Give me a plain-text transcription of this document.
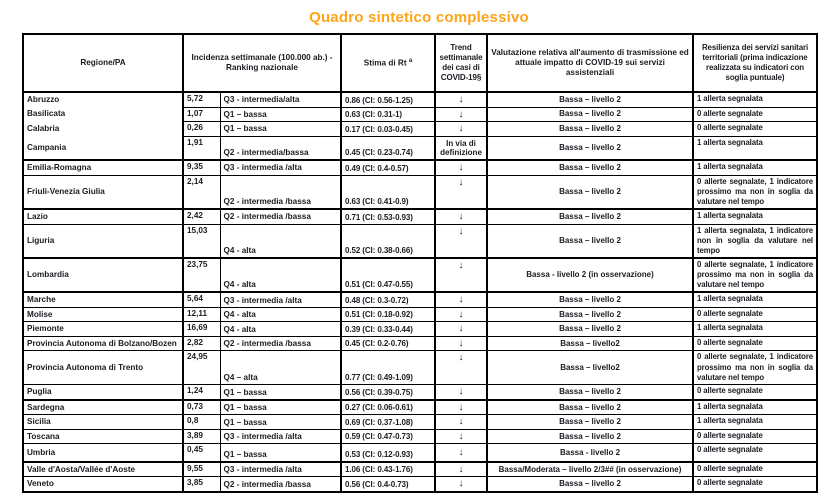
Quadro sintetico complessivo
Regione/PA	Incidenza settimanale (100.000 ab.) - Ranking nazionale		Stima di Rt $^a$	Trend settimanale dei casi di COVID-19§	Valutazione relativa all'aumento di trasmissione ed attuale impatto di COVID-19 sui servizi assistenziali	Resilienza dei servizi sanitari territoriali (prima indicazione realizzata su indicatori con soglia puntuale)
Abruzzo	5,72	Q3 - intermedia/alta	0.86 (CI: 0.56-1.25)	↓	Bassa – livello 2	1 allerta segnalata
Basilicata	1,07	Q1 – bassa	0.63 (CI: 0.31-1)	↓	Bassa – livello 2	0 allerte segnalate
Calabria	0,26	Q1 – bassa	0.17 (CI: 0.03-0.45)	↓	Bassa – livello 2	0 allerte segnalate
Campania	1,91	Q2 - intermedia/bassa	0.45 (CI: 0.23-0.74)	In via di definizione	Bassa – livello 2	1 allerta segnalata
Emilia-Romagna	9,35	Q3 - intermedia /alta	0.49 (CI: 0.4-0.57)	↓	Bassa – livello 2	1 allerta segnalata
Friuli-Venezia Giulia	2,14	Q2 - intermedia /bassa	0.63 (CI: 0.41-0.9)	↓	Bassa – livello 2	0 allerte segnalate, 1 indicatore prossimo ma non in soglia da valutare nel tempo
Lazio	2,42	Q2 - intermedia /bassa	0.71 (CI: 0.53-0.93)	↓	Bassa – livello 2	1 allerta segnalata
Liguria	15,03	Q4 - alta	0.52 (CI: 0.38-0.66)	↓	Bassa – livello 2	1 allerta segnalata, 1 indicatore non in soglia da valutare nel tempo
Lombardia	23,75	Q4 - alta	0.51 (CI: 0.47-0.55)	↓	Bassa - livello 2 (in osservazione)	0 allerte segnalate, 1 indicatore prossimo ma non in soglia da valutare nel tempo
Marche	5,64	Q3 - intermedia /alta	0.48 (CI: 0.3-0.72)	↓	Bassa – livello 2	1 allerta segnalata
Molise	12,11	Q4 - alta	0.51 (CI: 0.18-0.92)	↓	Bassa – livello 2	0 allerte segnalate
Piemonte	16,69	Q4 - alta	0.39 (CI: 0.33-0.44)	↓	Bassa – livello 2	1 allerta segnalata
Provincia Autonoma di Bolzano/Bozen	2,82	Q2 - intermedia /bassa	0.45 (CI: 0.2-0.76)	↓	Bassa – livello2	0 allerte segnalate
Provincia Autonoma di Trento	24,95	Q4 – alta	0.77 (CI: 0.49-1.09)	↓	Bassa – livello2	0 allerte segnalate, 1 indicatore prossimo ma non in soglia da valutare nel tempo
Puglia	1,24	Q1 – bassa	0.56 (CI: 0.39-0.75)	↓	Bassa – livello 2	0 allerte segnalate
Sardegna	0,73	Q1 – bassa	0.27 (CI: 0.06-0.61)	↓	Bassa – livello 2	1 allerta segnalata
Sicilia	0,8	Q1 – bassa	0.69 (CI: 0.37-1.08)	↓	Bassa – livello 2	1 allerta segnalata
Toscana	3,89	Q3 - intermedia /alta	0.59 (CI: 0.47-0.73)	↓	Bassa – livello 2	0 allerte segnalate
Umbria	0,45	Q1 – bassa	0.53 (CI: 0.12-0.93)	↓	Bassa - livello 2	0 allerte segnalate
Valle d'Aosta/Vallée d'Aoste	9,55	Q3 - intermedia /alta	1.06 (CI: 0.43-1.76)	↓	Bassa/Moderata – livello 2/3## (in osservazione)	0 allerte segnalate
Veneto	3,85	Q2 - intermedia /bassa	0.56 (CI: 0.4-0.73)	↓	Bassa – livello 2	0 allerte segnalate
